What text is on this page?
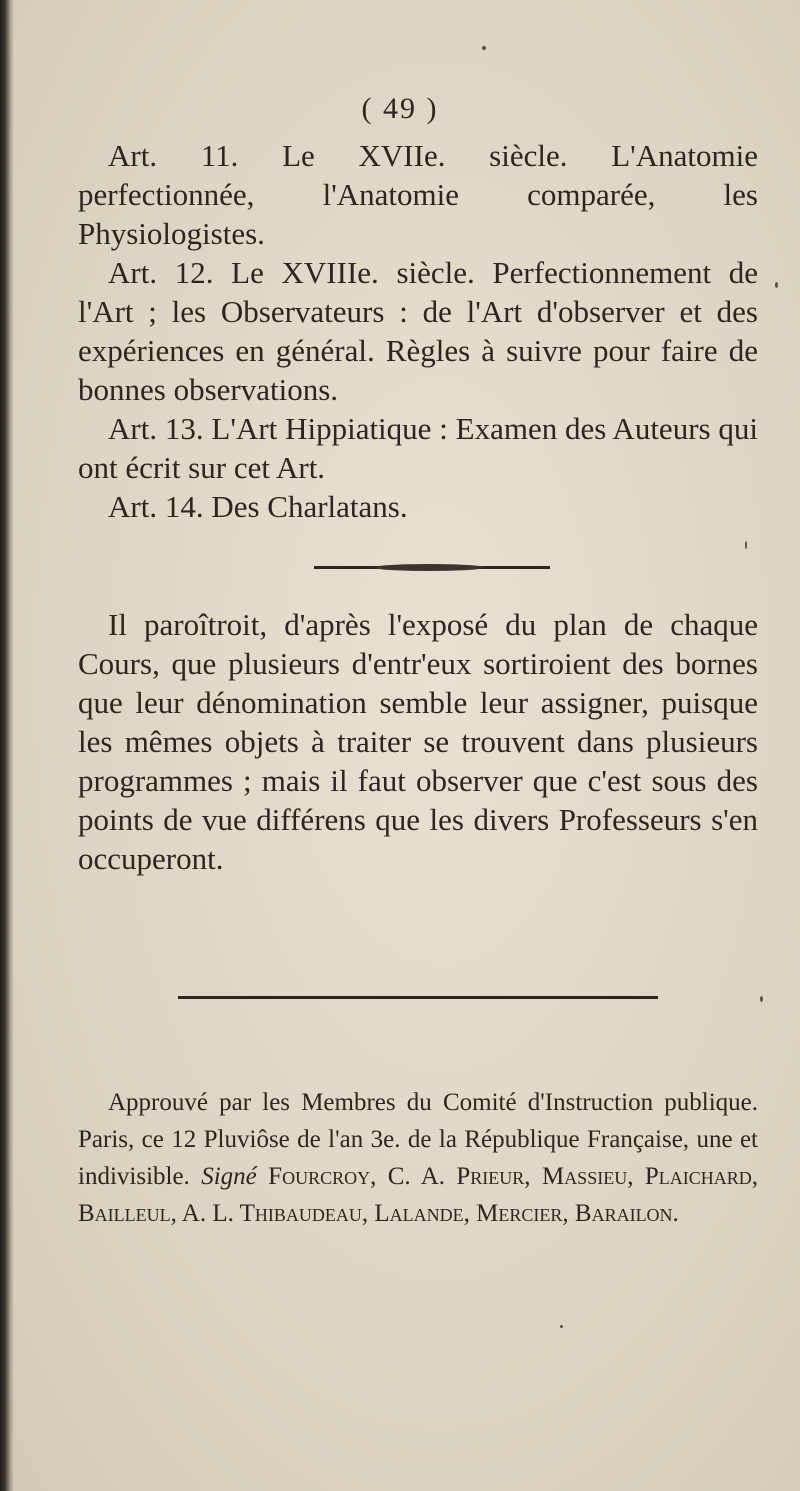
( 49 )

Art. 11. Le XVIIe. siècle. L'Anatomie perfectionnée, l'Anatomie comparée, les Physiologistes.

Art. 12. Le XVIIIe. siècle. Perfectionnement de l'Art ; les Observateurs : de l'Art d'observer et des expériences en général. Règles à suivre pour faire de bonnes observations.

Art. 13. L'Art Hippiatique : Examen des Auteurs qui ont écrit sur cet Art.

Art. 14. Des Charlatans.

Il paroîtroit, d'après l'exposé du plan de chaque Cours, que plusieurs d'entr'eux sortiroient des bornes que leur dénomination semble leur assigner, puisque les mêmes objets à traiter se trouvent dans plusieurs programmes ; mais il faut observer que c'est sous des points de vue différens que les divers Professeurs s'en occuperont.

Approuvé par les Membres du Comité d'Instruction publique. Paris, ce 12 Pluviôse de l'an 3e. de la République Française, une et indivisible. Signé Fourcroy, C. A. Prieur, Massieu, Plaichard, Bailleul, A. L. Thibaudeau, Lalande, Mercier, Barailon.
